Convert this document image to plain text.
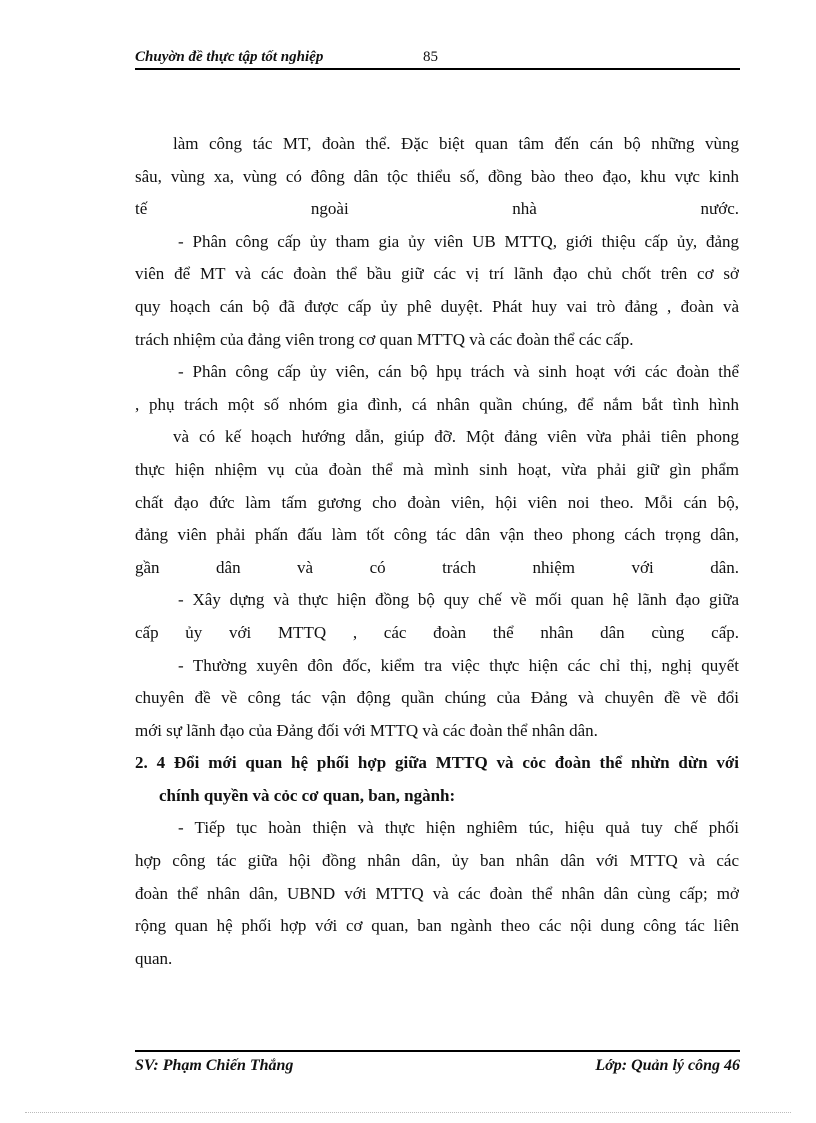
Chuyờn đề thực tập tốt nghiệp	85
làm công tác MT, đoàn thể. Đặc biệt quan tâm đến cán bộ những vùng
sâu, vùng xa, vùng có đông dân tộc thiểu số, đồng bào theo đạo, khu vực kinh
tế ngoài nhà nước.
- Phân công cấp ủy tham gia ủy viên UB MTTQ, giới thiệu cấp ủy, đảng
viên để MT và các đoàn thể bầu giữ các vị trí lãnh đạo chủ chốt trên cơ sở
quy hoạch cán bộ đã được cấp ủy phê duyệt. Phát huy vai trò đảng , đoàn và
trách nhiệm của đảng viên trong cơ quan MTTQ và các đoàn thể các cấp.
- Phân công cấp ủy viên, cán bộ hpụ trách và sinh hoạt với các đoàn thể
, phụ trách một số nhóm gia đình, cá nhân quần chúng, để nắm bắt tình hình
và có kế hoạch hướng dẫn, giúp đỡ. Một đảng viên vừa phải tiên phong
thực hiện nhiệm vụ của đoàn thể mà mình sinh hoạt, vừa phải giữ gìn phẩm
chất đạo đức làm tấm gương cho đoàn viên, hội viên noi theo. Mỗi cán bộ,
đảng viên phải phấn đấu làm tốt công tác dân vận theo phong cách trọng dân,
gần dân và có trách nhiệm với dân.
- Xây dựng và thực hiện đồng bộ quy chế về mối quan hệ lãnh đạo giữa
cấp ủy với MTTQ , các đoàn thể nhân dân cùng cấp.
- Thường xuyên đôn đốc, kiểm tra việc thực hiện các chỉ thị, nghị quyết
chuyên đề về công tác vận động quần chúng của Đảng và chuyên đề về đổi
mới sự lãnh đạo của Đảng đối với MTTQ và các đoàn thể nhân dân.
2. 4 Đổi mới quan hệ phối hợp giữa MTTQ và cỏc đoàn thể nhừn dừn với
chính quyền và cỏc cơ quan, ban, ngành:
- Tiếp tục hoàn thiện và thực hiện nghiêm túc, hiệu quả tuy chế phối
hợp công tác giữa hội đồng nhân dân, ủy ban nhân dân với MTTQ và các
đoàn thể nhân dân, UBND với MTTQ và các đoàn thể nhân dân cùng cấp; mở
rộng quan hệ phối hợp với cơ quan, ban ngành theo các nội dung công tác liên
quan.
SV: Phạm Chiến Thắng	Lớp: Quản lý công 46
